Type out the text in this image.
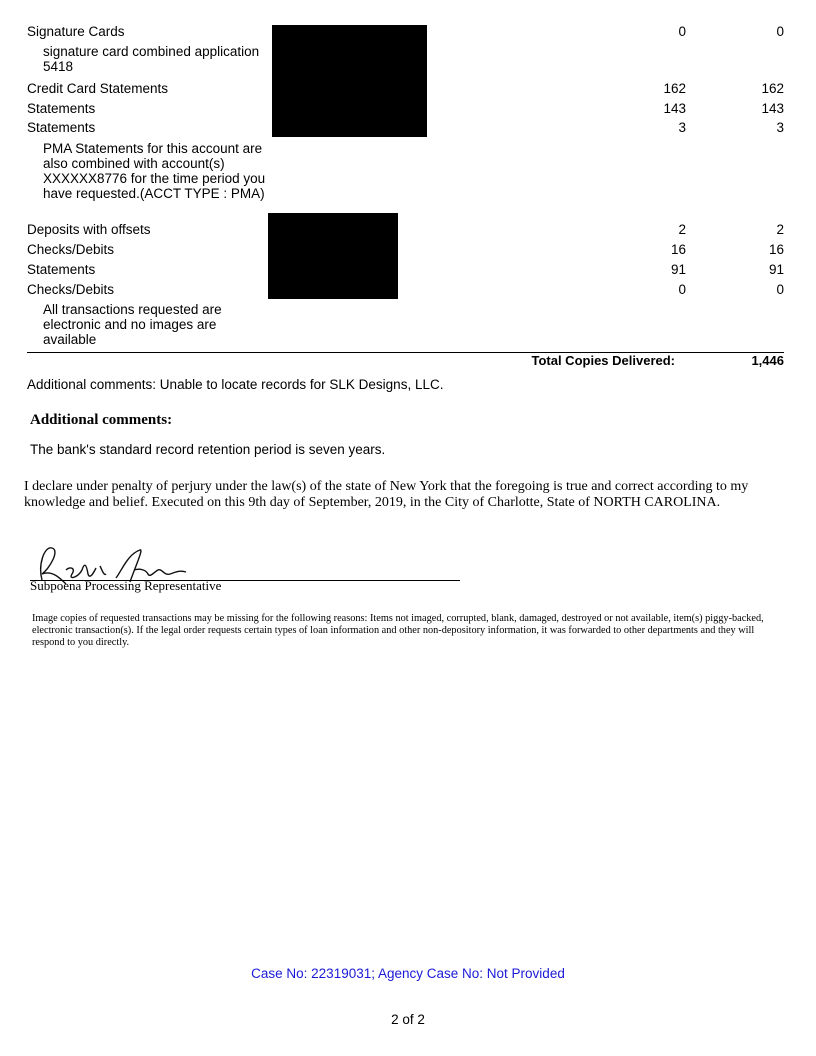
Signature Cards	0	0
signature card combined application 5418
Credit Card Statements	162	162
Statements	143	143
Statements	3	3
PMA Statements for this account are also combined with account(s) XXXXXX8776 for the time period you have requested.(ACCT TYPE : PMA)
Deposits with offsets	2	2
Checks/Debits	16	16
Statements	91	91
Checks/Debits	0	0
All transactions requested are electronic and no images are available
Total Copies Delivered:	1,446
Additional comments: Unable to locate records for SLK Designs, LLC.
Additional comments:
The bank's standard record retention period is seven years.
I declare under penalty of perjury under the law(s) of the state of New York that the foregoing is true and correct according to my knowledge and belief. Executed on this 9th day of September, 2019, in the City of Charlotte, State of NORTH CAROLINA.
Subpoena Processing Representative
Image copies of requested transactions may be missing for the following reasons: Items not imaged, corrupted, blank, damaged, destroyed or not available, item(s) piggy-backed, electronic transaction(s). If the legal order requests certain types of loan information and other non-depository information, it was forwarded to other departments and they will respond to you directly.
Case No: 22319031; Agency Case No: Not Provided
2 of 2
